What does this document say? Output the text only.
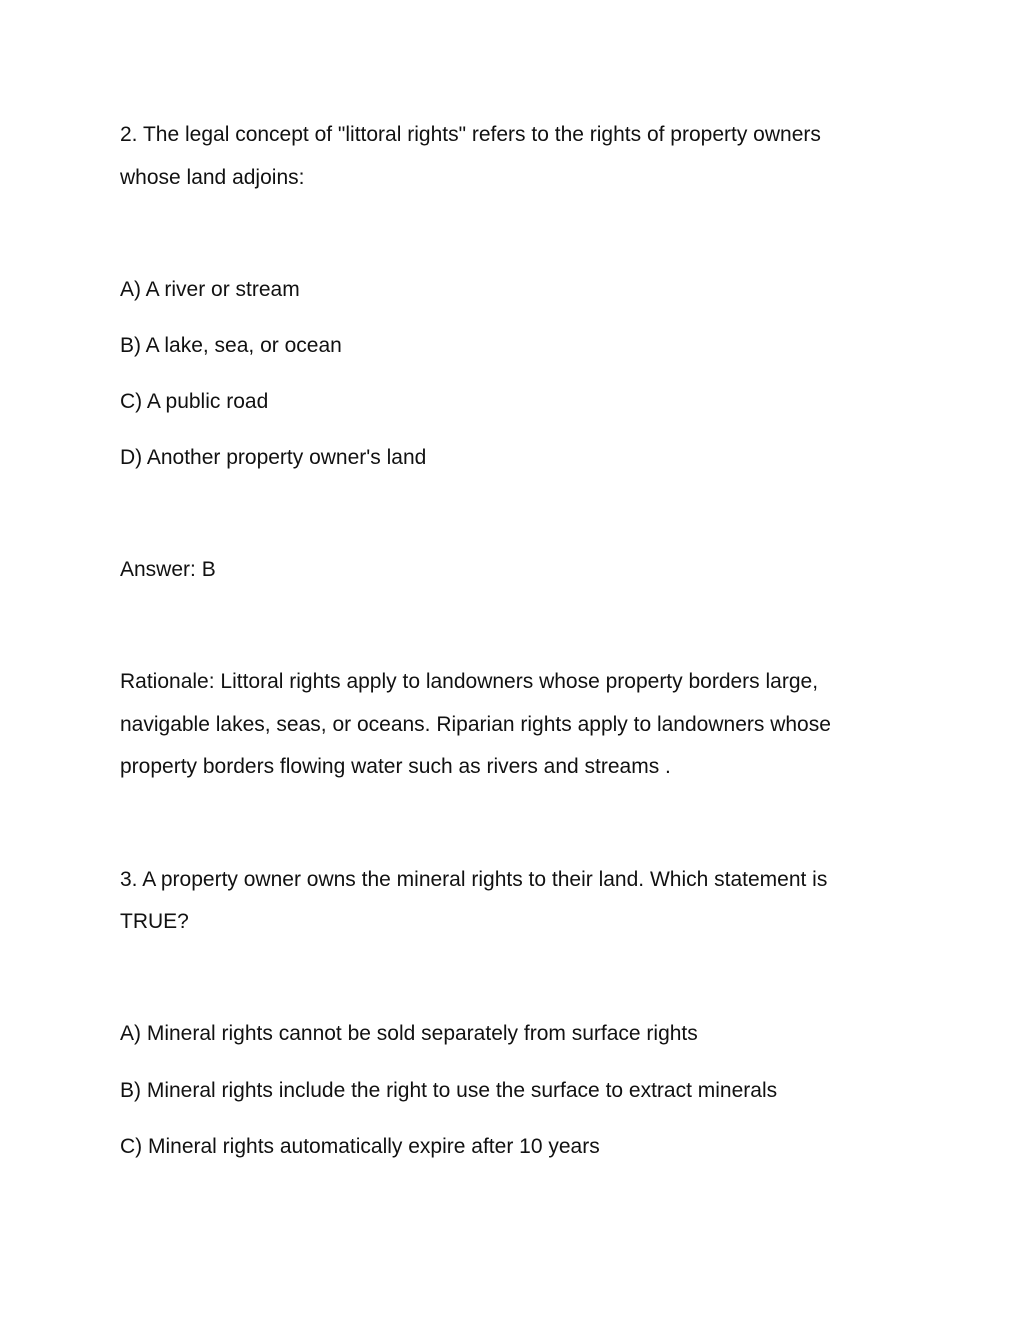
2. The legal concept of "littoral rights" refers to the rights of property owners
whose land adjoins:
A) A river or stream
B) A lake, sea, or ocean
C) A public road
D) Another property owner's land
Answer: B
Rationale: Littoral rights apply to landowners whose property borders large,
navigable lakes, seas, or oceans. Riparian rights apply to landowners whose
property borders flowing water such as rivers and streams .
3. A property owner owns the mineral rights to their land. Which statement is
TRUE?
A) Mineral rights cannot be sold separately from surface rights
B) Mineral rights include the right to use the surface to extract minerals
C) Mineral rights automatically expire after 10 years
